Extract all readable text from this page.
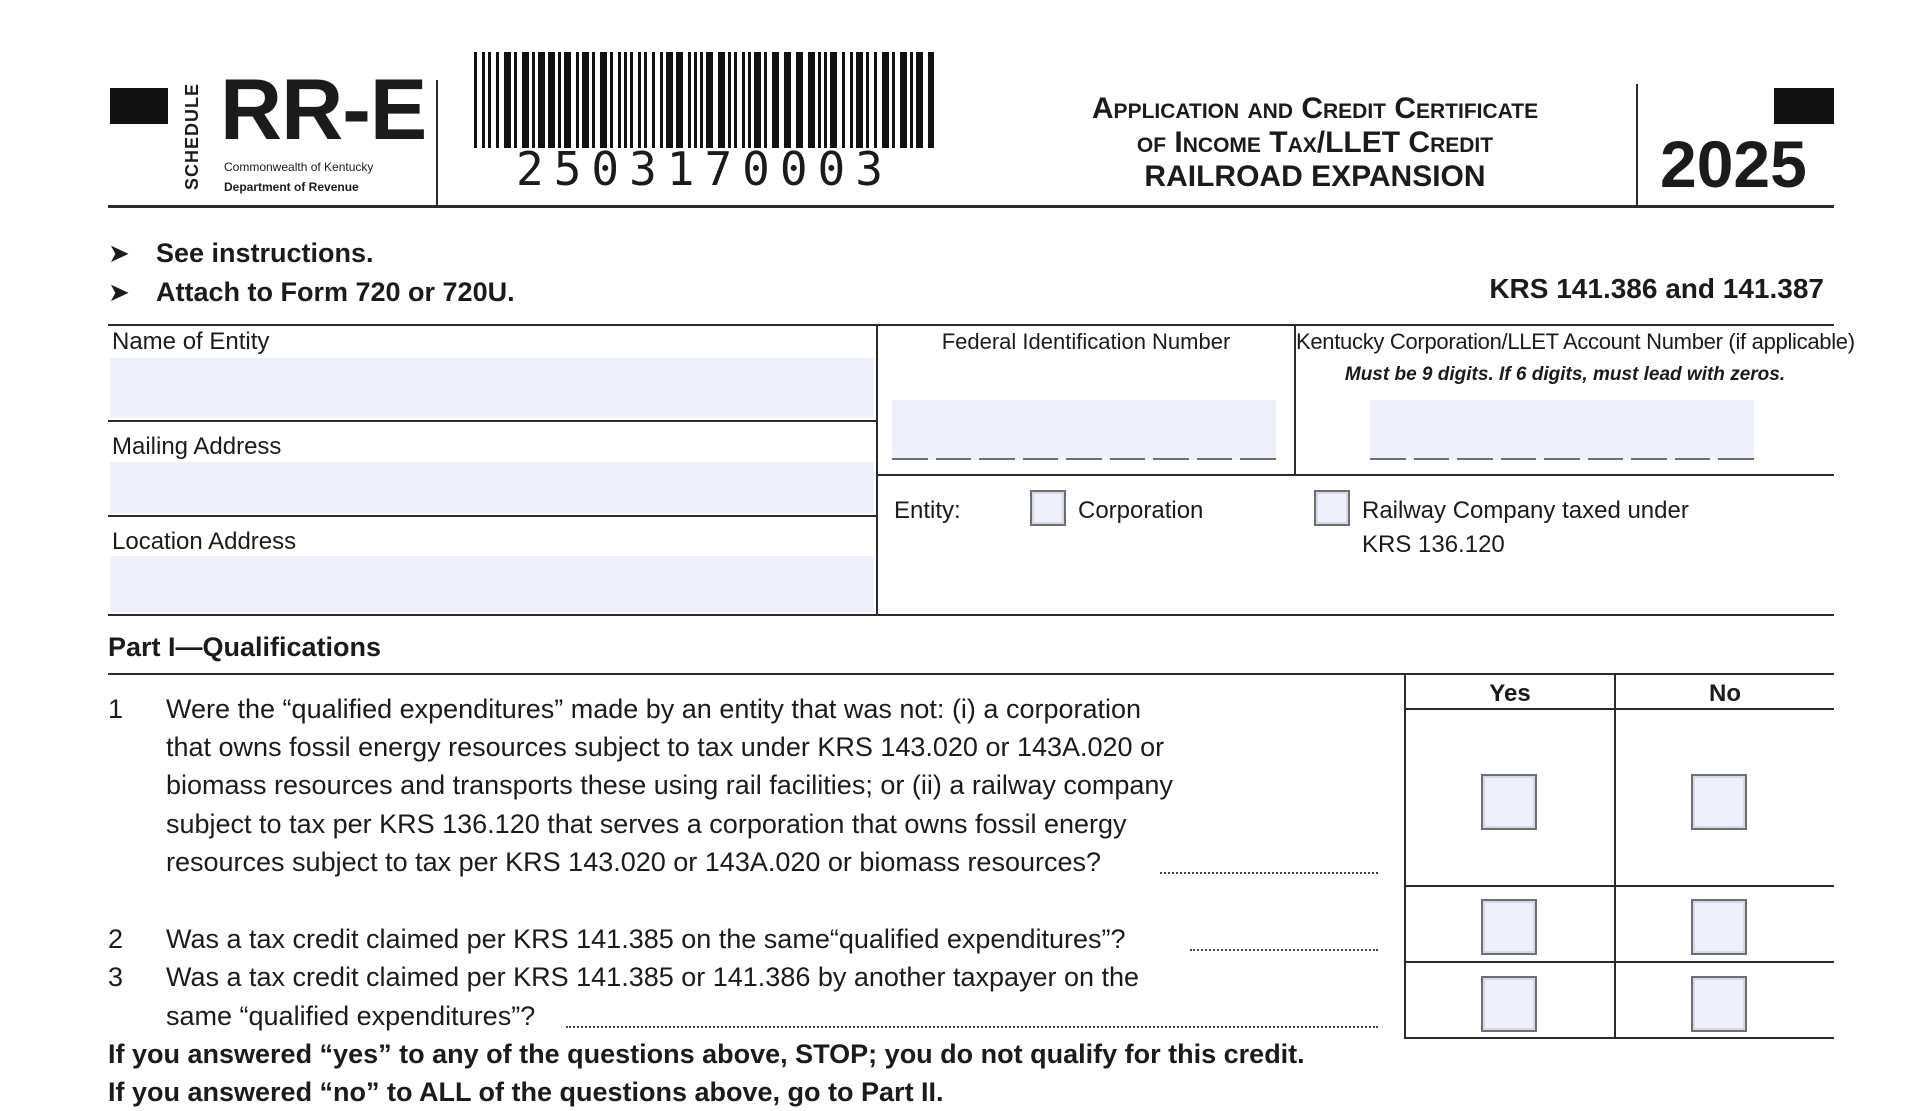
SCHEDULE RR-E
Commonwealth of Kentucky
Department of Revenue	2503170003
Application and Credit Certificate
of Income Tax/LLET Credit
RAILROAD EXPANSION	2025
➤ See instructions.
➤ Attach to Form 720 or 720U.	KRS 141.386 and 141.387
Name of Entity
Mailing Address
Location Address
Federal Identification Number	Kentucky Corporation/LLET Account Number (if applicable)
Must be 9 digits. If 6 digits, must lead with zeros.
Entity:	Corporation	Railway Company taxed under
KRS 136.120
Part I—Qualifications
Yes	No
1 Were the “qualified expenditures” made by an entity that was not: (i) a corporation
that owns fossil energy resources subject to tax under KRS 143.020 or 143A.020 or
biomass resources and transports these using rail facilities; or (ii) a railway company
subject to tax per KRS 136.120 that serves a corporation that owns fossil energy
resources subject to tax per KRS 143.020 or 143A.020 or biomass resources?
2 Was a tax credit claimed per KRS 141.385 on the same“qualified expenditures”?
3 Was a tax credit claimed per KRS 141.385 or 141.386 by another taxpayer on the
same “qualified expenditures”?
If you answered “yes” to any of the questions above, STOP; you do not qualify for this credit.
If you answered “no” to ALL of the questions above, go to Part II.
